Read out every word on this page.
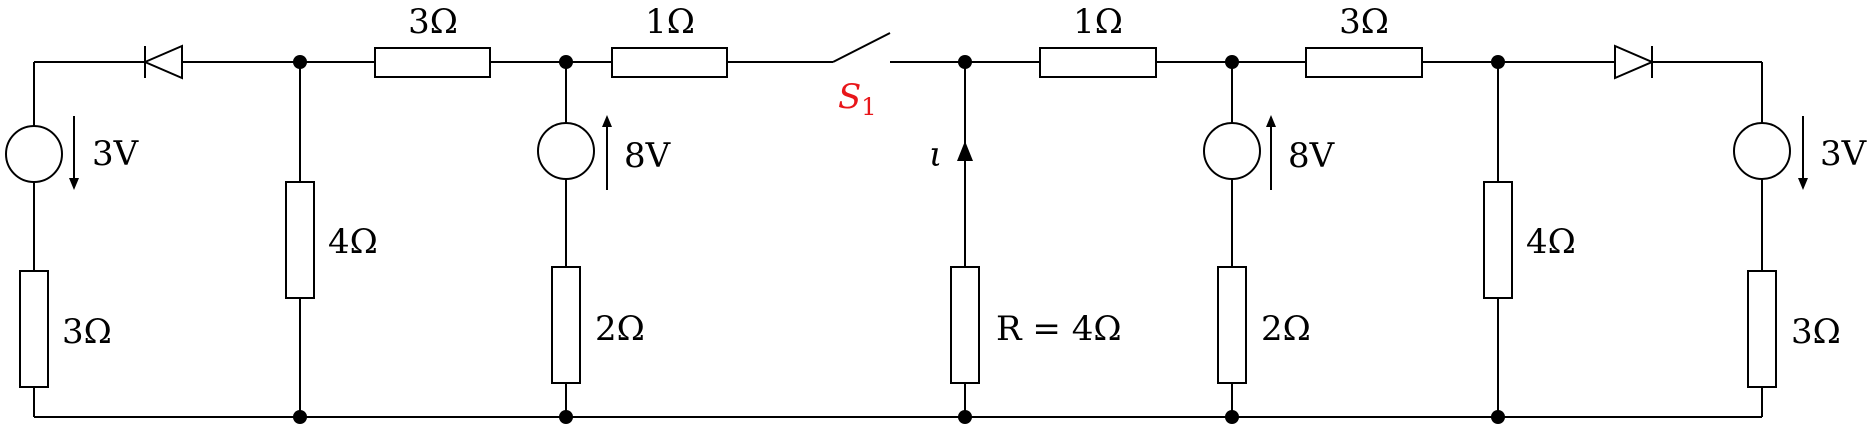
3Ω	1Ω	1Ω	3Ω
$S_1$
ι
R = 4Ω
3V
3Ω
4Ω
8V
2Ω
8V
2Ω
4Ω
3V
3Ω
